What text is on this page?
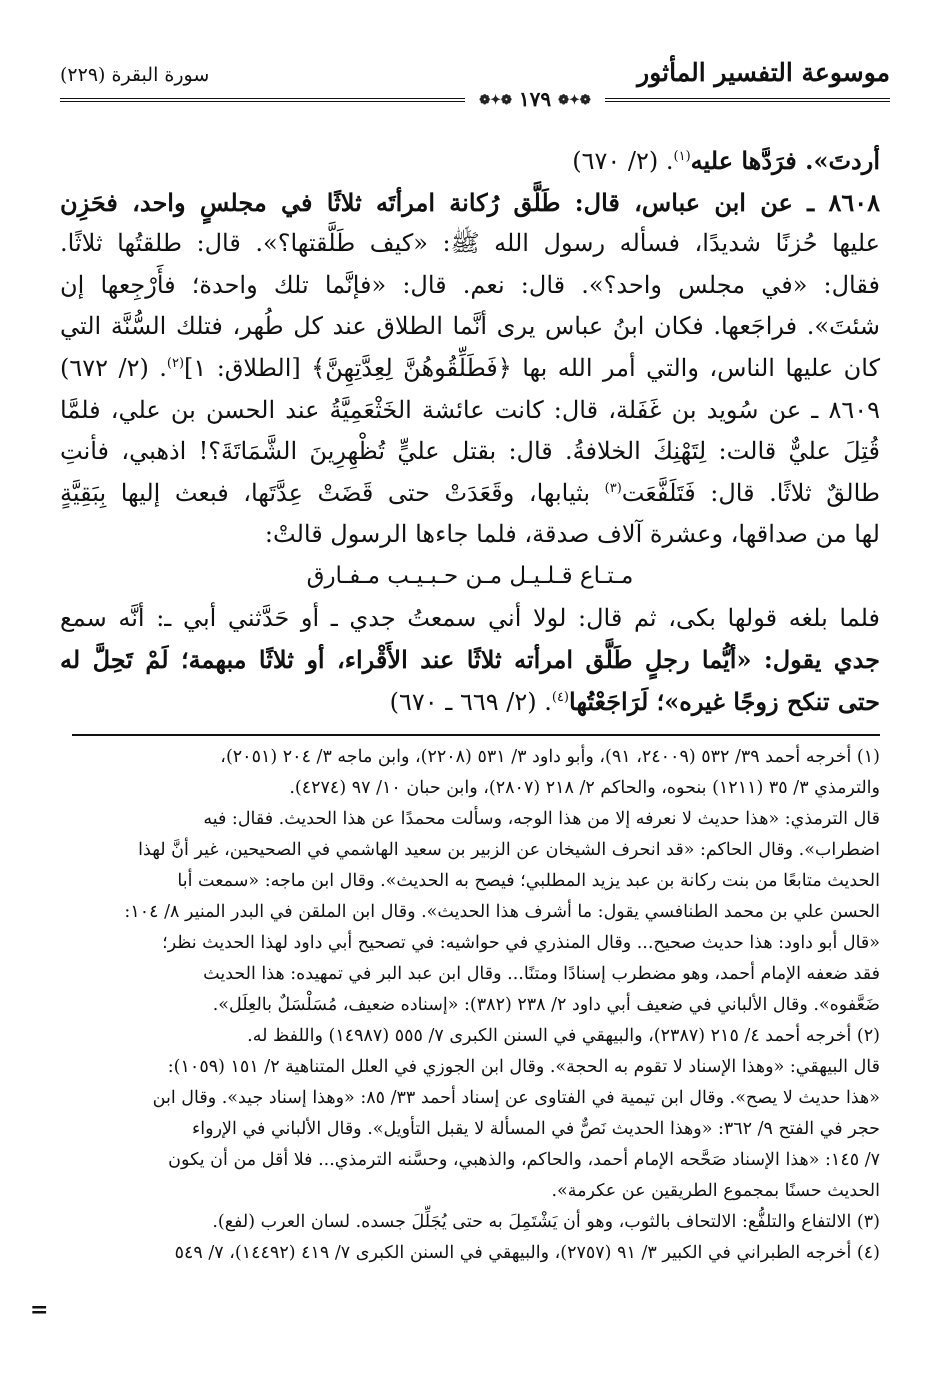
موسوعة التفسير المأثور
سورة البقرة (٢٢٩)
❁✦❁ ١٧٩ ❁✦❁
أردتَ». فرَدَّها عليه$^{(١)}$. (٢/ ٦٧٠)
٨٦٠٨ ـ عن ابن عباس، قال: طَلَّق رُكانة امرأتَه ثلاثًا في مجلسٍ واحد، فحَزِن
عليها حُزنًا شديدًا، فسأله رسول الله ﷺ: «كيف طَلَّقتها؟». قال: طلقتُها ثلاثًا.
فقال: «في مجلس واحد؟». قال: نعم. قال: «فإنَّما تلك واحدة؛ فأَرْجِعها إن
شئتَ». فراجَعها. فكان ابنُ عباس يرى أنَّما الطلاق عند كل طُهر، فتلك السُّنَّة التي
كان عليها الناس، والتي أمر الله بها ﴿فَطَلِّقُوهُنَّ لِعِدَّتِهِنَّ﴾ [الطلاق: ١]$^{(٢)}$. (٢/ ٦٧٢)
٨٦٠٩ ـ عن سُويد بن غَفَلة، قال: كانت عائشة الخَثْعَمِيَّةُ عند الحسن بن علي، فلمَّا
قُتِلَ عليٌّ قالت: لِتَهْنِكَ الخلافةُ. قال: بقتل عليٍّ تُظْهِرِينَ الشَّمَاتَةَ؟! اذهبي، فأنتِ
طالقٌ ثلاثًا. قال: فَتَلَفَّعَت$^{(٣)}$ بثيابها، وقَعَدَتْ حتى قَضَتْ عِدَّتَها، فبعث إليها بِبَقِيَّةٍ
لها من صداقها، وعشرة آلاف صدقة، فلما جاءها الرسول قالتْ:
مـتـاع قـلـيـل مـن حـبـيـب مـفـارق
فلما بلغه قولها بكى، ثم قال: لولا أني سمعتُ جدي ـ أو حَدَّثني أبي ـ: أنَّه سمع
جدي يقول: «أيُّما رجلٍ طَلَّق امرأته ثلاثًا عند الأَقْراء، أو ثلاثًا مبهمة؛ لَمْ تَحِلَّ له
حتى تنكح زوجًا غيره»؛ لَرَاجَعْتُها$^{(٤)}$. (٢/ ٦٦٩ ـ ٦٧٠)
(١) أخرجه أحمد ٣٩/ ٥٣٢ (٢٤٠٠٩، ٩١)، وأبو داود ٣/ ٥٣١ (٢٢٠٨)، وابن ماجه ٣/ ٢٠٤ (٢٠٥١)،
والترمذي ٣/ ٣٥ (١٢١١) بنحوه، والحاكم ٢/ ٢١٨ (٢٨٠٧)، وابن حبان ١٠/ ٩٧ (٤٢٧٤).
قال الترمذي: «هذا حديث لا نعرفه إلا من هذا الوجه، وسألت محمدًا عن هذا الحديث. فقال: فيه
اضطراب». وقال الحاكم: «قد انحرف الشيخان عن الزبير بن سعيد الهاشمي في الصحيحين، غير أنَّ لهذا
الحديث متابعًا من بنت ركانة بن عبد يزيد المطلبي؛ فيصح به الحديث». وقال ابن ماجه: «سمعت أبا
الحسن علي بن محمد الطنافسي يقول: ما أشرف هذا الحديث». وقال ابن الملقن في البدر المنير ٨/ ١٠٤:
«قال أبو داود: هذا حديث صحيح... وقال المنذري في حواشيه: في تصحيح أبي داود لهذا الحديث نظر؛
فقد ضعفه الإمام أحمد، وهو مضطرب إسنادًا ومتنًا... وقال ابن عبد البر في تمهيده: هذا الحديث
ضَعَّفوه». وقال الألباني في ضعيف أبي داود ٢/ ٢٣٨ (٣٨٢): «إسناده ضعيف، مُسَلْسَلٌ بالعِلَل».
(٢) أخرجه أحمد ٤/ ٢١٥ (٢٣٨٧)، والبيهقي في السنن الكبرى ٧/ ٥٥٥ (١٤٩٨٧) واللفظ له.
قال البيهقي: «وهذا الإسناد لا تقوم به الحجة». وقال ابن الجوزي في العلل المتناهية ٢/ ١٥١ (١٠٥٩):
«هذا حديث لا يصح». وقال ابن تيمية في الفتاوى عن إسناد أحمد ٣٣/ ٨٥: «وهذا إسناد جيد». وقال ابن
حجر في الفتح ٩/ ٣٦٢: «وهذا الحديث نَصٌّ في المسألة لا يقبل التأويل». وقال الألباني في الإرواء
٧/ ١٤٥: «هذا الإسناد صَحَّحه الإمام أحمد، والحاكم، والذهبي، وحسَّنه الترمذي... فلا أقل من أن يكون
الحديث حسنًا بمجموع الطريقين عن عكرمة».
(٣) الالتفاع والتلفُّع: الالتحاف بالثوب، وهو أن يَشْتَمِلَ به حتى يُجَلِّلَ جسده. لسان العرب (لفع).
(٤) أخرجه الطبراني في الكبير ٣/ ٩١ (٢٧٥٧)، والبيهقي في السنن الكبرى ٧/ ٤١٩ (١٤٤٩٢)، ٧/ ٥٤٩
=
